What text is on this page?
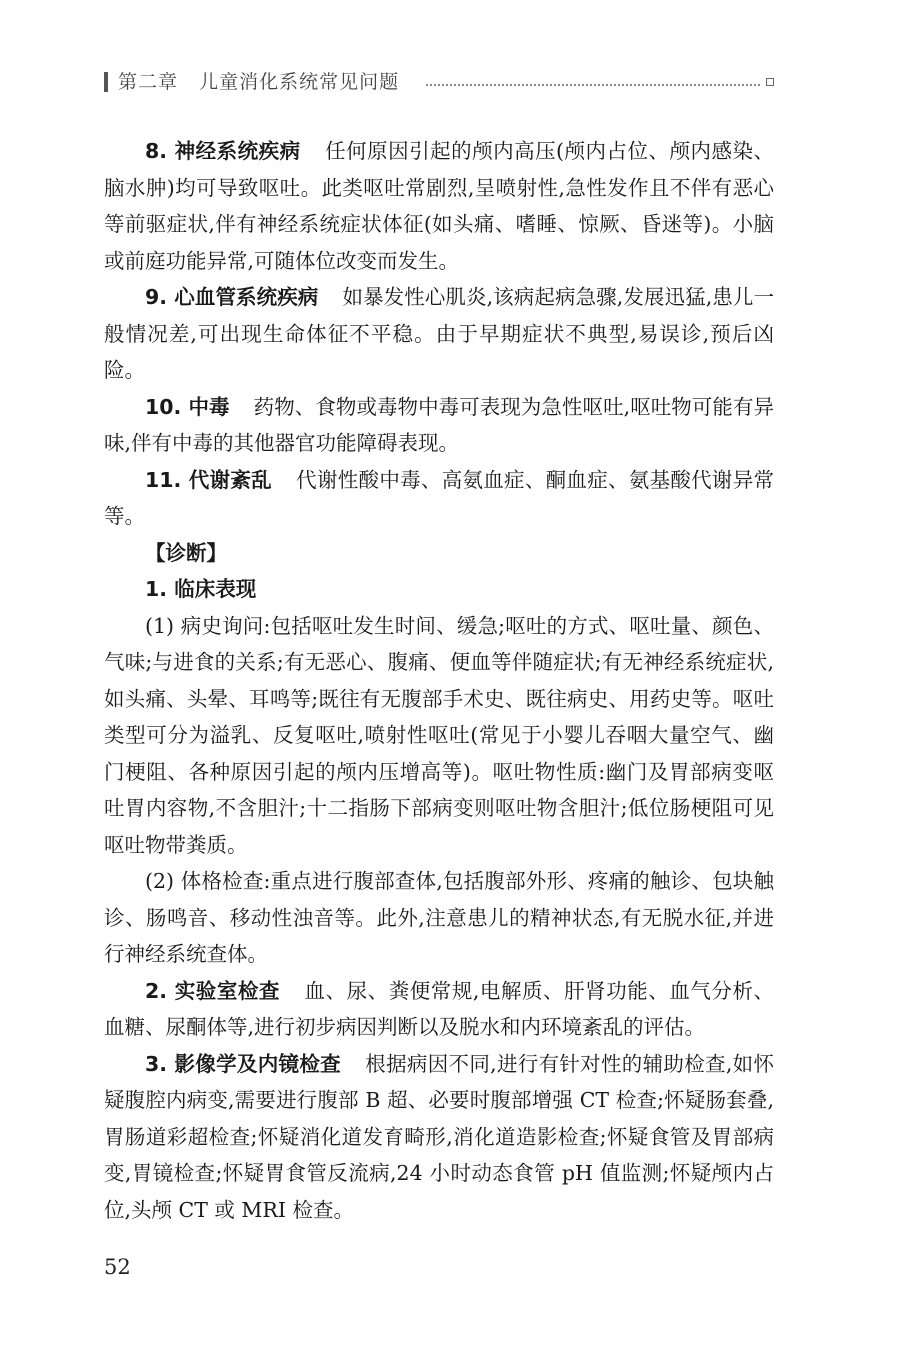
第二章 儿童消化系统常见问题

8. 神经系统疾病 任何原因引起的颅内高压(颅内占位、颅内感染、脑水肿)均可导致呕吐。此类呕吐常剧烈,呈喷射性,急性发作且不伴有恶心等前驱症状,伴有神经系统症状体征(如头痛、嗜睡、惊厥、昏迷等)。小脑或前庭功能异常,可随体位改变而发生。

9. 心血管系统疾病 如暴发性心肌炎,该病起病急骤,发展迅猛,患儿一般情况差,可出现生命体征不平稳。由于早期症状不典型,易误诊,预后凶险。

10. 中毒 药物、食物或毒物中毒可表现为急性呕吐,呕吐物可能有异味,伴有中毒的其他器官功能障碍表现。

11. 代谢紊乱 代谢性酸中毒、高氨血症、酮血症、氨基酸代谢异常等。

【诊断】

1. 临床表现

(1) 病史询问:包括呕吐发生时间、缓急;呕吐的方式、呕吐量、颜色、气味;与进食的关系;有无恶心、腹痛、便血等伴随症状;有无神经系统症状,如头痛、头晕、耳鸣等;既往有无腹部手术史、既往病史、用药史等。呕吐类型可分为溢乳、反复呕吐,喷射性呕吐(常见于小婴儿吞咽大量空气、幽门梗阻、各种原因引起的颅内压增高等)。呕吐物性质:幽门及胃部病变呕吐胃内容物,不含胆汁;十二指肠下部病变则呕吐物含胆汁;低位肠梗阻可见呕吐物带粪质。

(2) 体格检查:重点进行腹部查体,包括腹部外形、疼痛的触诊、包块触诊、肠鸣音、移动性浊音等。此外,注意患儿的精神状态,有无脱水征,并进行神经系统查体。

2. 实验室检查 血、尿、粪便常规,电解质、肝肾功能、血气分析、血糖、尿酮体等,进行初步病因判断以及脱水和内环境紊乱的评估。

3. 影像学及内镜检查 根据病因不同,进行有针对性的辅助检查,如怀疑腹腔内病变,需要进行腹部 B 超、必要时腹部增强 CT 检查;怀疑肠套叠,胃肠道彩超检查;怀疑消化道发育畸形,消化道造影检查;怀疑食管及胃部病变,胃镜检查;怀疑胃食管反流病,24 小时动态食管 pH 值监测;怀疑颅内占位,头颅 CT 或 MRI 检查。

52
